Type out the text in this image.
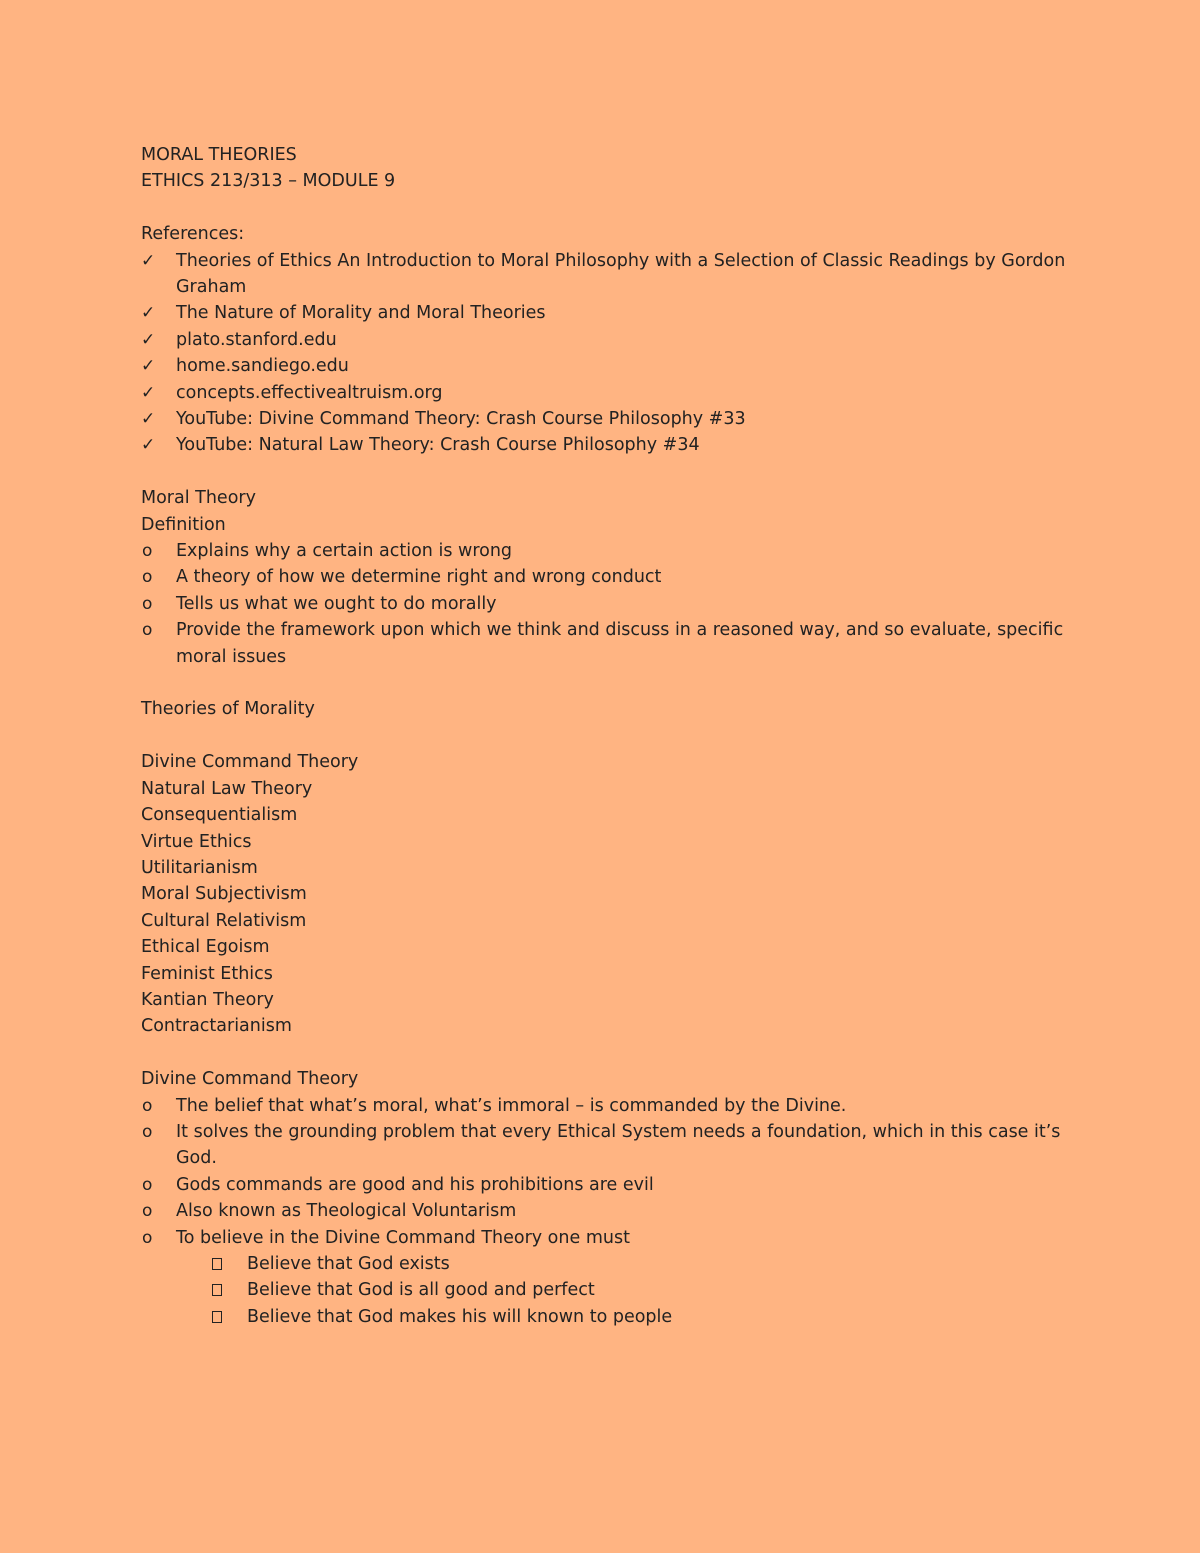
MORAL THEORIES
ETHICS 213/313 – MODULE 9
References:
✓	Theories of Ethics An Introduction to Moral Philosophy with a Selection of Classic Readings by Gordon Graham
✓	The Nature of Morality and Moral Theories
✓	plato.stanford.edu
✓	home.sandiego.edu
✓	concepts.effectivealtruism.org
✓	YouTube: Divine Command Theory: Crash Course Philosophy #33
✓	YouTube: Natural Law Theory: Crash Course Philosophy #34
Moral Theory
Definition
o	Explains why a certain action is wrong
o	A theory of how we determine right and wrong conduct
o	Tells us what we ought to do morally
o	Provide the framework upon which we think and discuss in a reasoned way, and so evaluate, specific moral issues
Theories of Morality
Divine Command Theory
Natural Law Theory
Consequentialism
Virtue Ethics
Utilitarianism
Moral Subjectivism
Cultural Relativism
Ethical Egoism
Feminist Ethics
Kantian Theory
Contractarianism
Divine Command Theory
o	The belief that what’s moral, what’s immoral – is commanded by the Divine.
o	It solves the grounding problem that every Ethical System needs a foundation, which in this case it’s God.
o	Gods commands are good and his prohibitions are evil
o	Also known as Theological Voluntarism
o	To believe in the Divine Command Theory one must
Believe that God exists
Believe that God is all good and perfect
Believe that God makes his will known to people
